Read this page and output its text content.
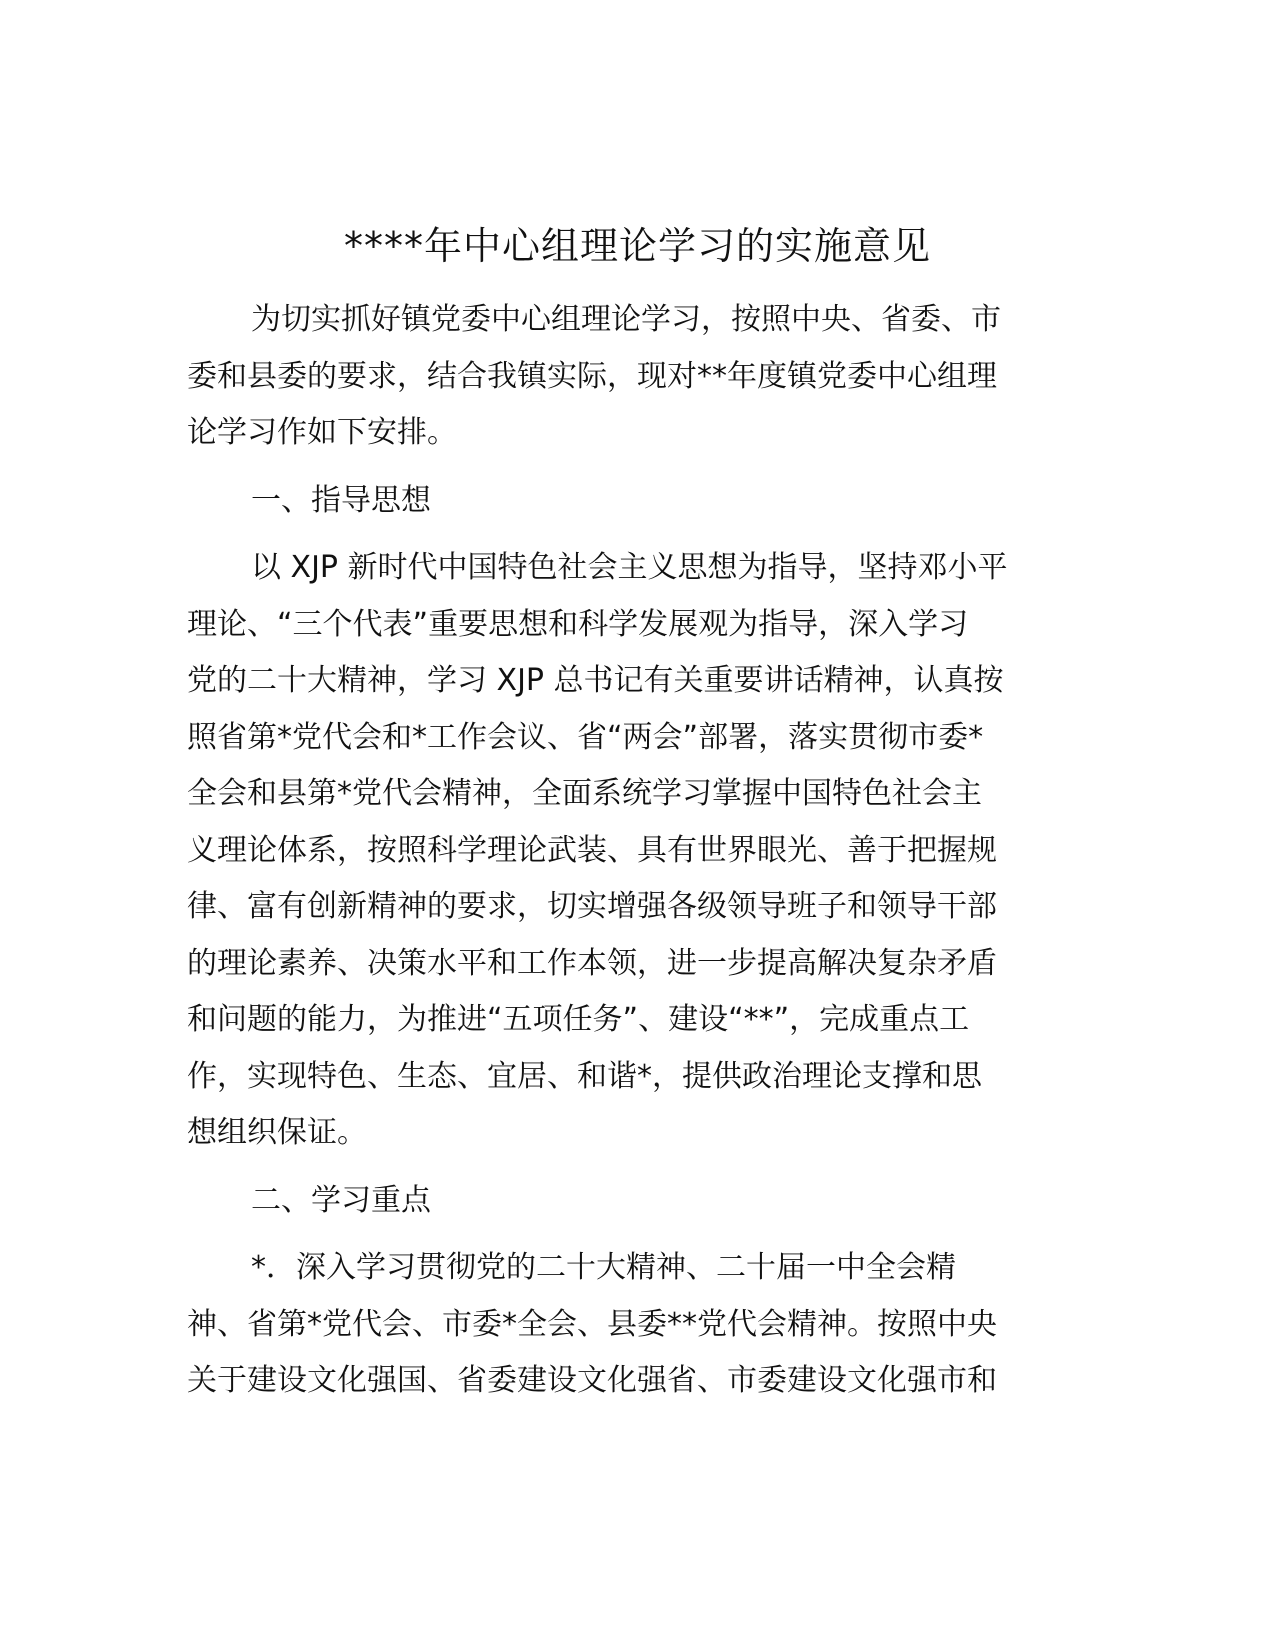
****年中心组理论学习的实施意见
为切实抓好镇党委中心组理论学习，按照中央、省委、市
委和县委的要求，结合我镇实际，现对**年度镇党委中心组理
论学习作如下安排。
一、指导思想
以 XJP 新时代中国特色社会主义思想为指导，坚持邓小平
理论、“三个代表”重要思想和科学发展观为指导，深入学习
党的二十大精神，学习 XJP 总书记有关重要讲话精神，认真按
照省第*党代会和*工作会议、省“两会”部署，落实贯彻市委*
全会和县第*党代会精神，全面系统学习掌握中国特色社会主
义理论体系，按照科学理论武装、具有世界眼光、善于把握规
律、富有创新精神的要求，切实增强各级领导班子和领导干部
的理论素养、决策水平和工作本领，进一步提高解决复杂矛盾
和问题的能力，为推进“五项任务”、建设“**”，完成重点工
作，实现特色、生态、宜居、和谐*，提供政治理论支撑和思
想组织保证。
二、学习重点
*．深入学习贯彻党的二十大精神、二十届一中全会精
神、省第*党代会、市委*全会、县委**党代会精神。按照中央
关于建设文化强国、省委建设文化强省、市委建设文化强市和
